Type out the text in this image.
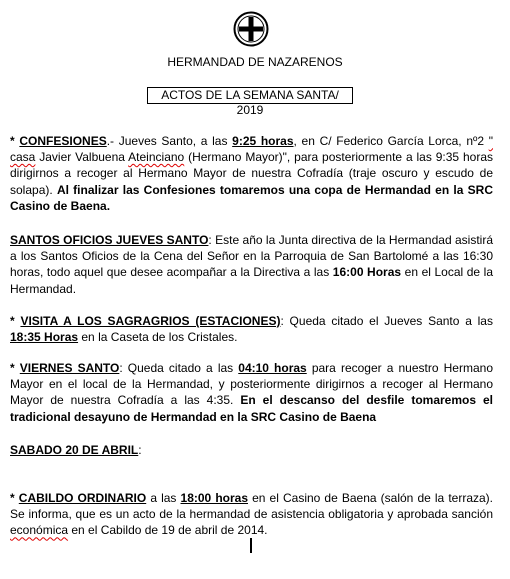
HERMANDAD DE NAZARENOS
ACTOS DE LA SEMANA SANTA/ 2019
* CONFESIONES.- Jueves Santo, a las 9:25 horas, en C/ Federico García Lorca, nº2 " casa Javier Valbuena Ateinciano (Hermano Mayor)", para posteriormente a las 9:35 horas dirigirnos a recoger al Hermano Mayor de nuestra Cofradía (traje oscuro y escudo de solapa). Al finalizar las Confesiones tomaremos una copa de Hermandad en la SRC Casino de Baena.
SANTOS OFICIOS JUEVES SANTO: Este año la Junta directiva de la Hermandad asistirá a los Santos Oficios de la Cena del Señor en la Parroquia de San Bartolomé a las 16:30 horas, todo aquel que desee acompañar a la Directiva a las 16:00 Horas en el Local de la Hermandad.
* VISITA A LOS SAGRAGRIOS (ESTACIONES): Queda citado el Jueves Santo a las 18:35 Horas en la Caseta de los Cristales.
* VIERNES SANTO: Queda citado a las 04:10 horas para recoger a nuestro Hermano Mayor en el local de la Hermandad, y posteriormente dirigirnos a recoger al Hermano Mayor de nuestra Cofradía a las 4:35. En el descanso del desfile tomaremos el tradicional desayuno de Hermandad en la SRC Casino de Baena
SABADO 20 DE ABRIL:
* CABILDO ORDINARIO a las 18:00 horas en el Casino de Baena (salón de la terraza). Se informa, que es un acto de la hermandad de asistencia obligatoria y aprobada sanción económica en el Cabildo de 19 de abril de 2014.
